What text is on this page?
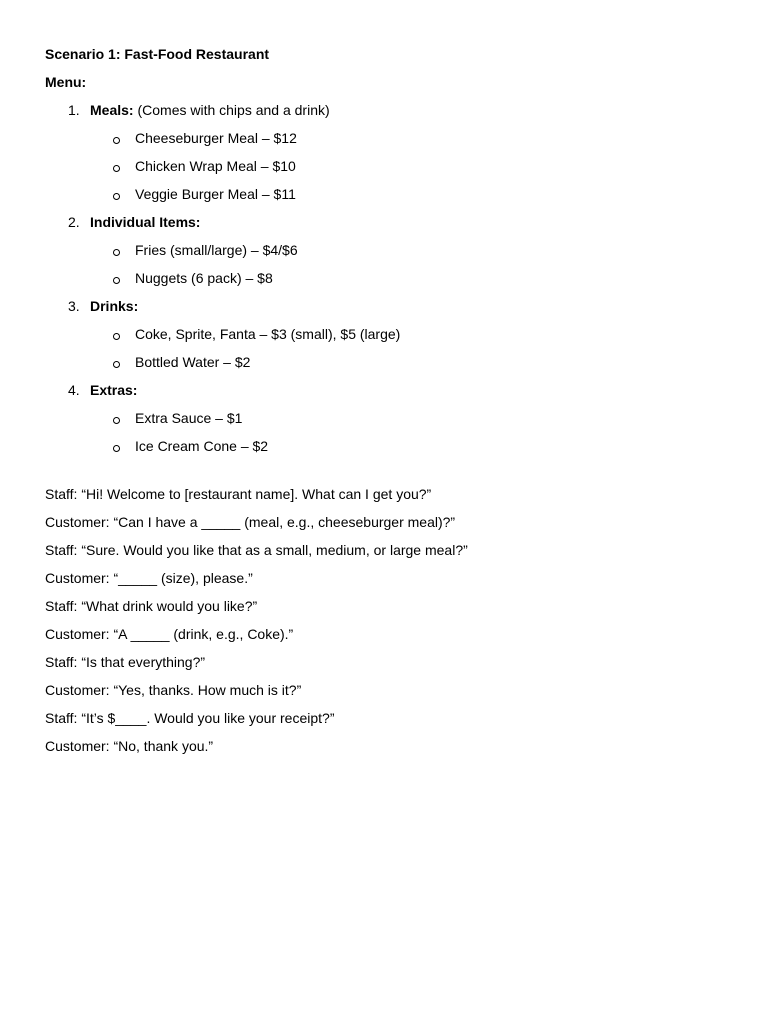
Scenario 1: Fast-Food Restaurant
Menu:
1. Meals: (Comes with chips and a drink)
Cheeseburger Meal – $12
Chicken Wrap Meal – $10
Veggie Burger Meal – $11
2. Individual Items:
Fries (small/large) – $4/$6
Nuggets (6 pack) – $8
3. Drinks:
Coke, Sprite, Fanta – $3 (small), $5 (large)
Bottled Water – $2
4. Extras:
Extra Sauce – $1
Ice Cream Cone – $2
Staff: “Hi! Welcome to [restaurant name]. What can I get you?”
Customer: “Can I have a _____ (meal, e.g., cheeseburger meal)?”
Staff: “Sure. Would you like that as a small, medium, or large meal?”
Customer: “_____ (size), please.”
Staff: “What drink would you like?”
Customer: “A _____ (drink, e.g., Coke).”
Staff: “Is that everything?”
Customer: “Yes, thanks. How much is it?”
Staff: “It’s $____. Would you like your receipt?”
Customer: “No, thank you.”
